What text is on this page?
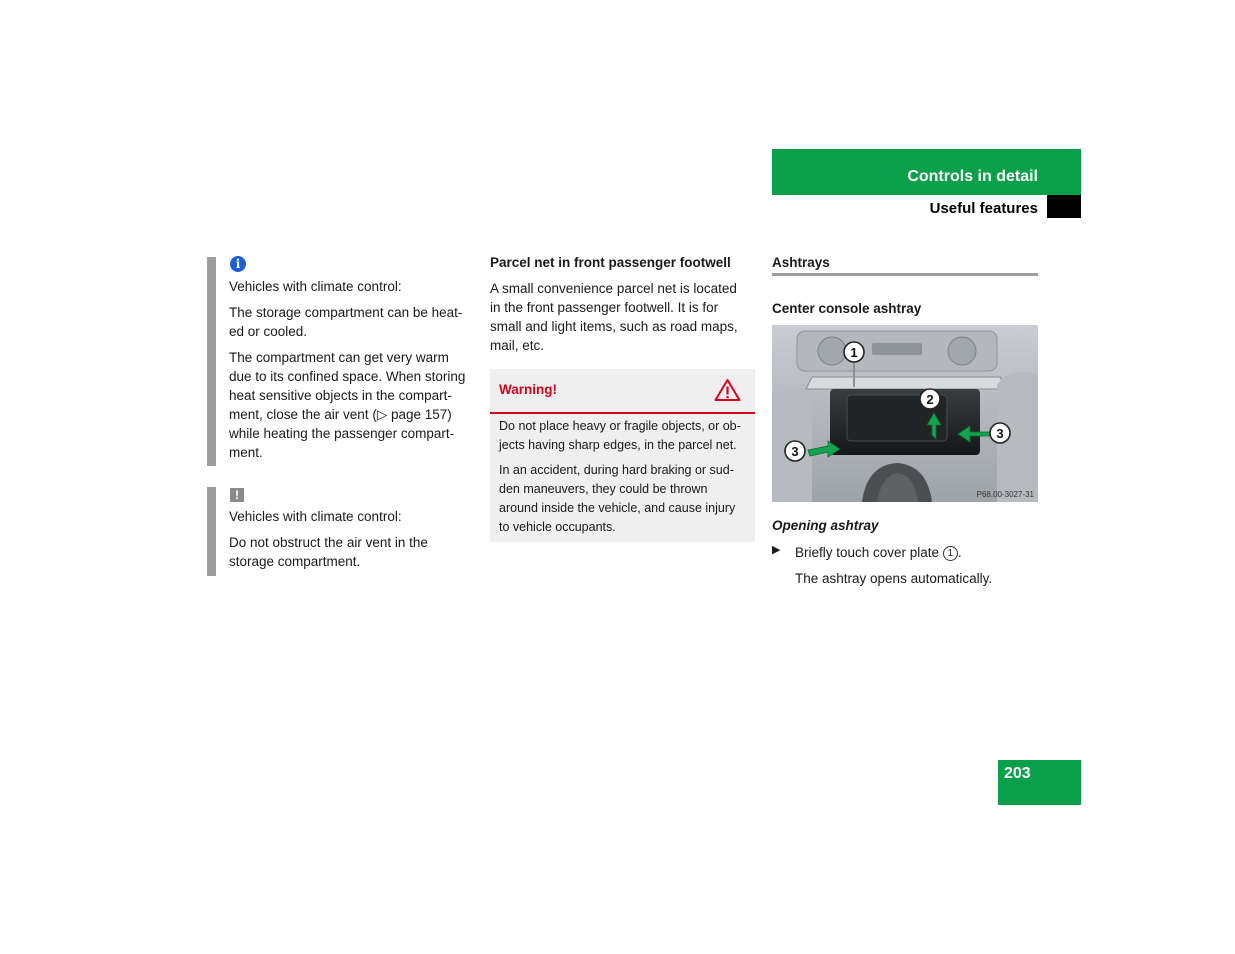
Controls in detail
Useful features
i

Vehicles with climate control:

The storage compartment can be heat-
ed or cooled.

The compartment can get very warm
due to its confined space. When storing
heat sensitive objects in the compart-
ment, close the air vent (▷ page 157)
while heating the passenger compart-
ment.

!

Vehicles with climate control:

Do not obstruct the air vent in the
storage compartment.

Parcel net in front passenger footwell
A small convenience parcel net is located
in the front passenger footwell. It is for
small and light items, such as road maps,
mail, etc.
Warning!
Do not place heavy or fragile objects, or ob-
jects having sharp edges, in the parcel net.
In an accident, during hard braking or sud-
den maneuvers, they could be thrown
around inside the vehicle, and cause injury
to vehicle occupants.
Ashtrays
Center console ashtray
1
2
3
3
P68.00-3027-31
Opening ashtray
▶ Briefly touch cover plate 1 .
The ashtray opens automatically.
203
